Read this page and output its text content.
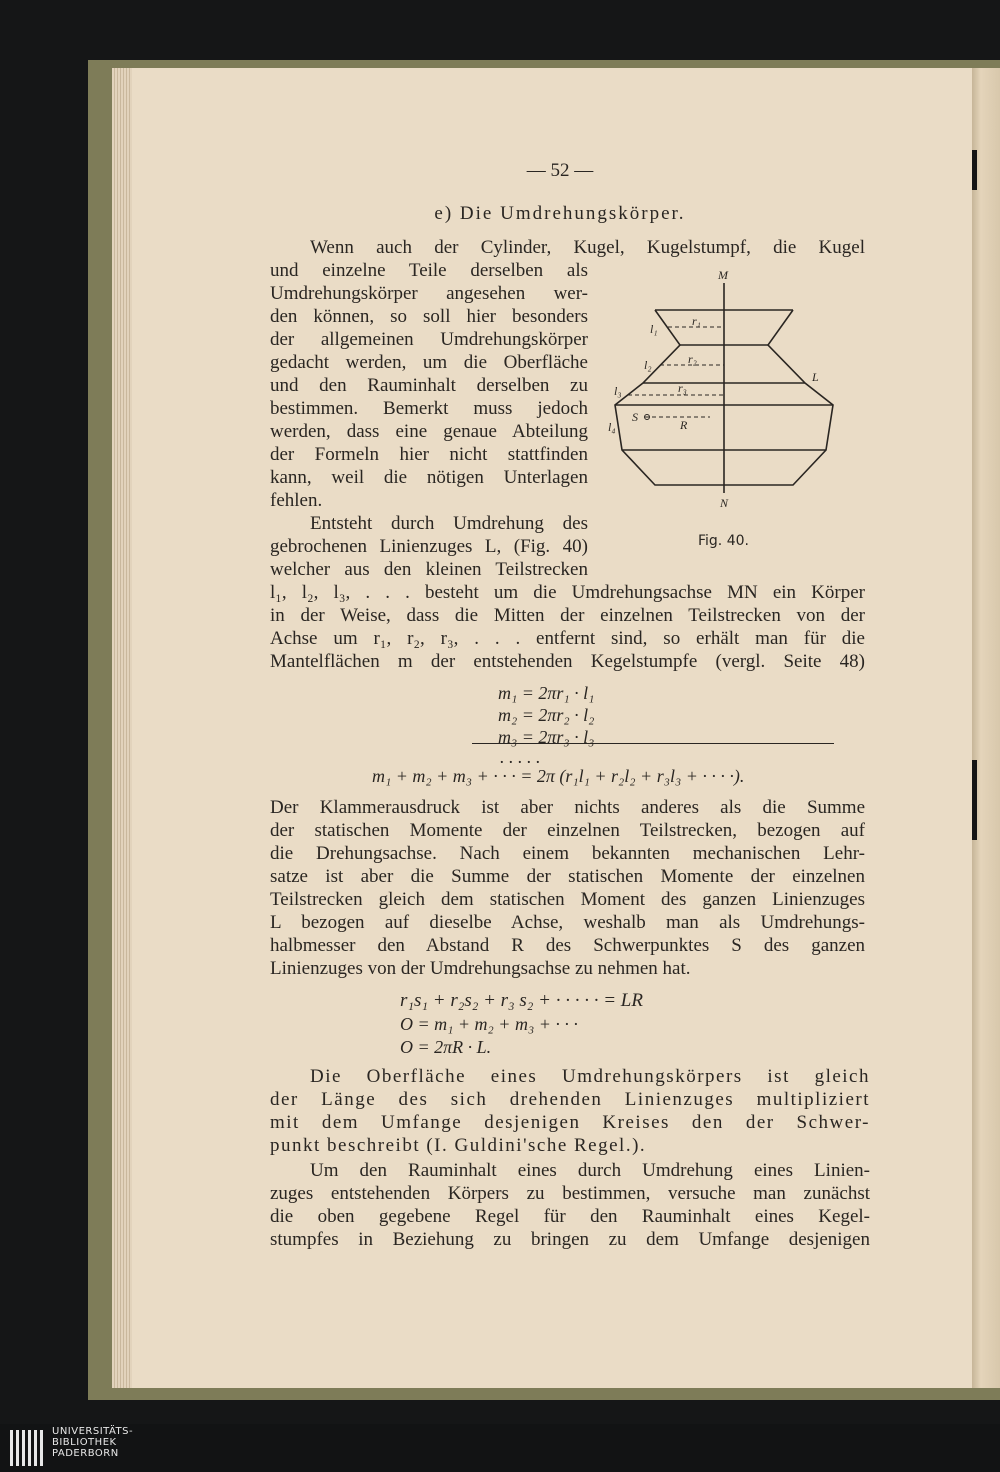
— 52 —
e) Die Umdrehungskörper.
Wenn auch der Cylinder, Kugel, Kugelstumpf, die Kugel
und einzelne Teile derselben als
Umdrehungskörper angesehen wer-
den können, so soll hier besonders
der allgemeinen Umdrehungskörper
gedacht werden, um die Oberfläche
und den Rauminhalt derselben zu
bestimmen. Bemerkt muss jedoch
werden, dass eine genaue Abteilung
der Formeln hier nicht stattfinden
kann, weil die nötigen Unterlagen
fehlen.
Entsteht durch Umdrehung des
gebrochenen Linienzuges L, (Fig. 40)
welcher aus den kleinen Teilstrecken
l₁, l₂, l₃, . . . besteht um die Umdrehungsachse MN ein Körper
in der Weise, dass die Mitten der einzelnen Teilstrecken von der
Achse um r₁, r₂, r₃, . . . entfernt sind, so erhält man für die
Mantelflächen m der entstehenden Kegelstumpfe (vergl. Seite 48)
m₁ = 2πr₁ · l₁
m₂ = 2πr₂ · l₂
m₃ = 2πr₃ · l₃
. . . . .
m₁ + m₂ + m₃ + · · · = 2π (r₁l₁ + r₂l₂ + r₃l₃ + · · · ·).
Der Klammerausdruck ist aber nichts anderes als die Summe
der statischen Momente der einzelnen Teilstrecken, bezogen auf
die Drehungsachse. Nach einem bekannten mechanischen Lehr-
satze ist aber die Summe der statischen Momente der einzelnen
Teilstrecken gleich dem statischen Moment des ganzen Linienzuges
L bezogen auf dieselbe Achse, weshalb man als Umdrehungs-
halbmesser den Abstand R des Schwerpunktes S des ganzen
Linienzuges von der Umdrehungsachse zu nehmen hat.
r₁s₁ + r₂s₂ + r₃ s₂ + · · · · · = LR
O = m₁ + m₂ + m₃ + · · ·
O = 2πR · L.
Die Oberfläche eines Umdrehungskörpers ist gleich
der Länge des sich drehenden Linienzuges multipliziert
mit dem Umfange desjenigen Kreises den der Schwer-
punkt beschreibt (I. Guldini'sche Regel.).
Um den Rauminhalt eines durch Umdrehung eines Linien-
zuges entstehenden Körpers zu bestimmen, versuche man zunächst
die oben gegebene Regel für den Rauminhalt eines Kegel-
stumpfes in Beziehung zu bringen zu dem Umfange desjenigen
M
N
L
l₁
l₂
l₃
l₄
r₁
r₂
r₃
S
R
Fig. 40.
UNIVERSITÄTS-
BIBLIOTHEK
PADERBORN
